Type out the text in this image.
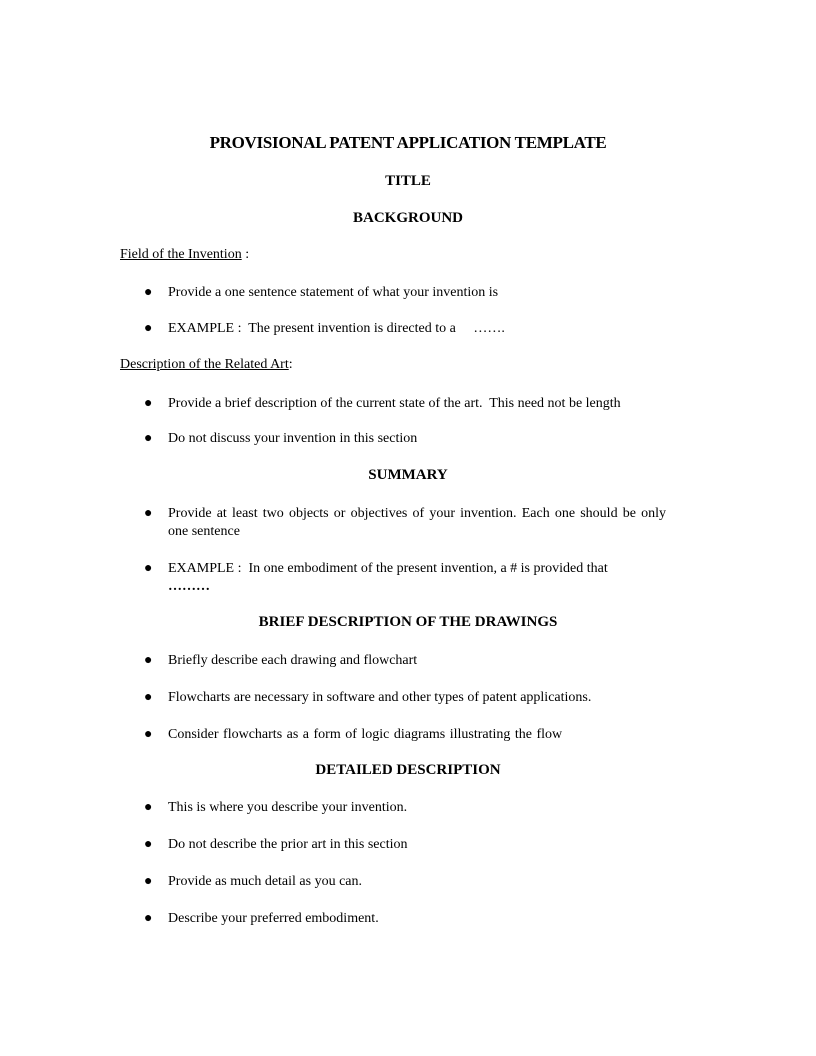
PROVISIONAL PATENT APPLICATION TEMPLATE
TITLE
BACKGROUND
Field of the Invention :
● Provide a one sentence statement of what your invention is
● EXAMPLE :  The present invention is directed to a     …….
Description of the Related Art:
● Provide a brief description of the current state of the art.  This need not be length
● Do not discuss your invention in this section
SUMMARY
● Provide at least two objects or objectives of your invention. Each one should be only one sentence
● EXAMPLE :  In one embodiment of the present invention, a # is provided that
………
BRIEF DESCRIPTION OF THE DRAWINGS
● Briefly describe each drawing and flowchart
● Flowcharts are necessary in software and other types of patent applications.
● Consider flowcharts as a form of logic diagrams illustrating the flow
DETAILED DESCRIPTION
● This is where you describe your invention.
● Do not describe the prior art in this section
● Provide as much detail as you can.
● Describe your preferred embodiment.
